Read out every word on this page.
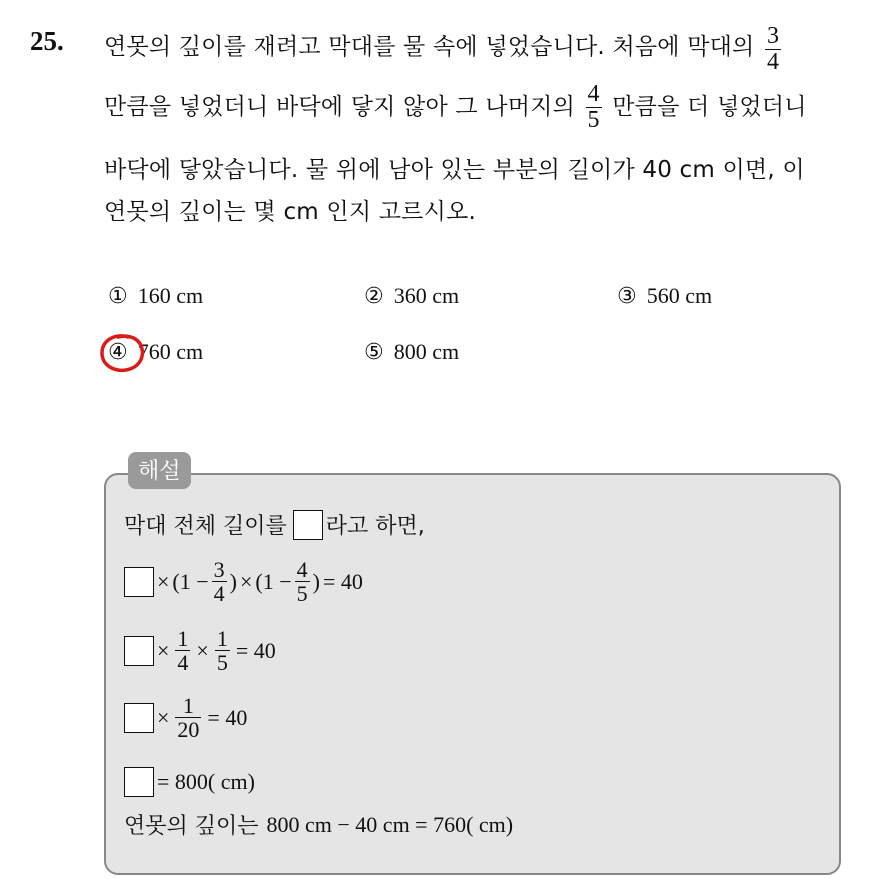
25. 연못의 깊이를 재려고 막대를 물 속에 넣었습니다. 처음에 막대의 $\frac{3}{4}$
만큼을 넣었더니 바닥에 닿지 않아 그 나머지의 $\frac{4}{5}$ 만큼을 더 넣었더니
바닥에 닿았습니다. 물 위에 남아 있는 부분의 길이가 40 cm 이면, 이
연못의 깊이는 몇 cm 인지 고르시오.
① 160 cm	② 360 cm	③ 560 cm
④ 760 cm	⑤ 800 cm
해설
막대 전체 길이를 라고 하면,
× ($1 - \frac{3}{4}$ ) × ($1 - \frac{4}{5}$ ) = 40
× $\frac{1}{4} \times \frac{1}{5} = 40$
× $\frac{1}{20} = 40$
= 800( cm)
연못의 깊이는 800 cm − 40 cm = 760( cm)
